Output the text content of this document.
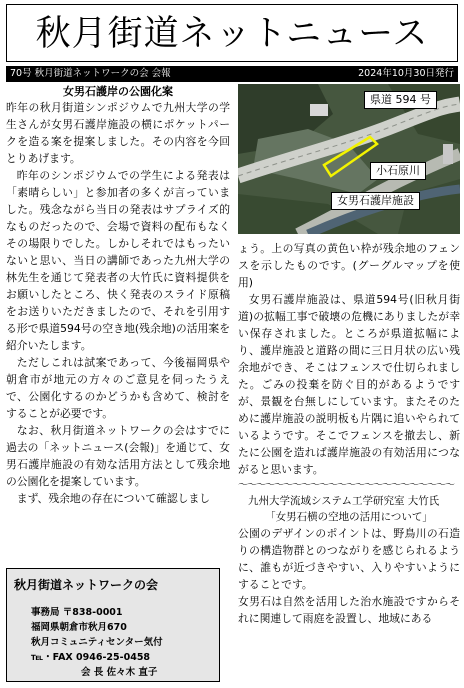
秋月街道ネットニュース
70号 秋月街道ネットワークの会 会報	2024年10月30日発行
女男石護岸の公園化案

昨年の秋月街道シンポジウムで九州大学の学生さんが女男石護岸施設の横にポケットパークを造る案を提案しました。その内容を今回とりあげます。

昨年のシンポジウムでの学生による発表は「素晴らしい」と参加者の多くが言っていました。残念ながら当日の発表はサプライズ的なものだったので、会場で資料の配布もなくその場限りでした。しかしそれではもったいないと思い、当日の講師であった九州大学の林先生を通じて発表者の大竹氏に資料提供をお願いしたところ、快く発表のスライド原稿をお送りいただきましたので、それを引用する形で県道594号の空き地(残余地)の活用案を紹介いたします。

ただしこれは試案であって、今後福岡県や朝倉市が地元の方々のご意見を伺ったうえで、公園化するのかどうかも含めて、検討をすることが必要です。

なお、秋月街道ネットワークの会はすでに過去の「ネットニュース(会報)」を通じて、女男石護岸施設の有効な活用方法として残余地の公園化を提案しています。

まず、残余地の存在について確認しまし

秋月街道ネットワークの会
事務局 〒838-0001
福岡県朝倉市秋月670
秋月コミュニティセンター気付
℡・FAX 0946-25-0458
会 長 佐々木 直子
県道 594 号
小石原川
女男石護岸施設

ょう。上の写真の黄色い枠が残余地のフェンスを示したものです。(グーグルマップを使用)

女男石護岸施設は、県道594号(旧秋月街道)の拡幅工事で破壊の危機にありましたが幸い保存されました。ところが県道拡幅により、護岸施設と道路の間に三日月状の広い残余地ができ、そこはフェンスで仕切られました。ごみの投棄を防ぐ目的があるようですが、景観を台無しにしています。またそのために護岸施設の説明板も片隅に追いやられているようです。そこでフェンスを撤去し、新たに公園を造れば護岸施設の有効活用につながると思います。

〜〜〜〜〜〜〜〜〜〜〜〜〜〜〜〜〜〜〜〜〜〜〜〜
九州大学流域システム工学研究室 大竹氏
「女男石横の空地の活用について」

公園のデザインのポイントは、野鳥川の石造りの構造物群とのつながりを感じられるように、誰もが近づきやすい、入りやすいようにすることです。

女男石は自然を活用した治水施設ですからそれに関連して雨庭を設置し、地域にある
